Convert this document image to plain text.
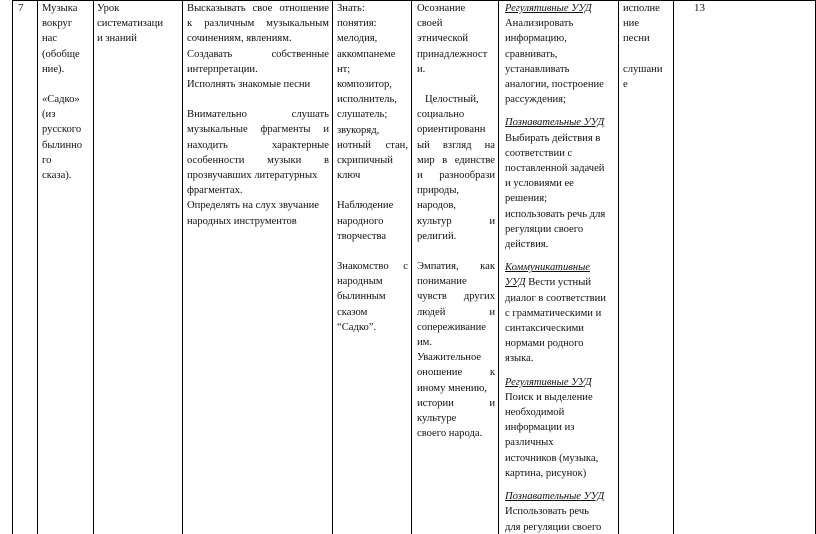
7	Музыка

вокруг

нас

(обобще

ние).

«Садко»

(из

русского

былинно

го

сказа).

Урок

систематизаци

и знаний

Высказывать свое отношение

к различным музыкальным

сочинениям, явлениям.

Создавать собственные

интерпретации.

Исполнять знакомые песни

Внимательно слушать

музыкальные фрагменты и

находить характерные

особенности музыки в

прозвучавших литературных

фрагментах.

Определять на слух звучание

народных инструментов

Знать:

понятия:

мелодия,

аккомпанеме

нт;

композитор,

исполнитель,

слушатель;

звукоряд,

нотный стан,

скрипичный

ключ

Наблюдение

народного

творчества

Знакомство с

народным

былинным

сказом

“Садко”.

Осознание

своей

этнической

принадлежност

и.

Целостный,

социально

ориентированн

ый взгляд на

мир в единстве

и разнообрази

природы,

народов,

культур и

религий.

Эмпатия, как

понимание

чувств других

людей и

сопереживание

им.

Уважительное

оношение к

иному мнению,

истории и

культуре

своего народа.

Регулятивные УУД

Анализировать

информацию,

сравнивать,

устанавливать

аналогии, построение

рассуждения;

Познавательные УУД

Выбирать действия в

соответствии с

поставленной задачей

и условиями ее

решения;

использовать речь для

регуляции своего

действия.

Коммуникативные

УУД Вести устный

диалог в соответствии

с грамматическими и

синтаксическими

нормами родного

языка.

Регулятивные УУД

Поиск и выделение

необходимой

информации из

различных

источников (музыка,

картина, рисунок)

Познавательные УУД

Использовать речь

для регуляции своего

исполне

ние

песни

слушани

е

13
